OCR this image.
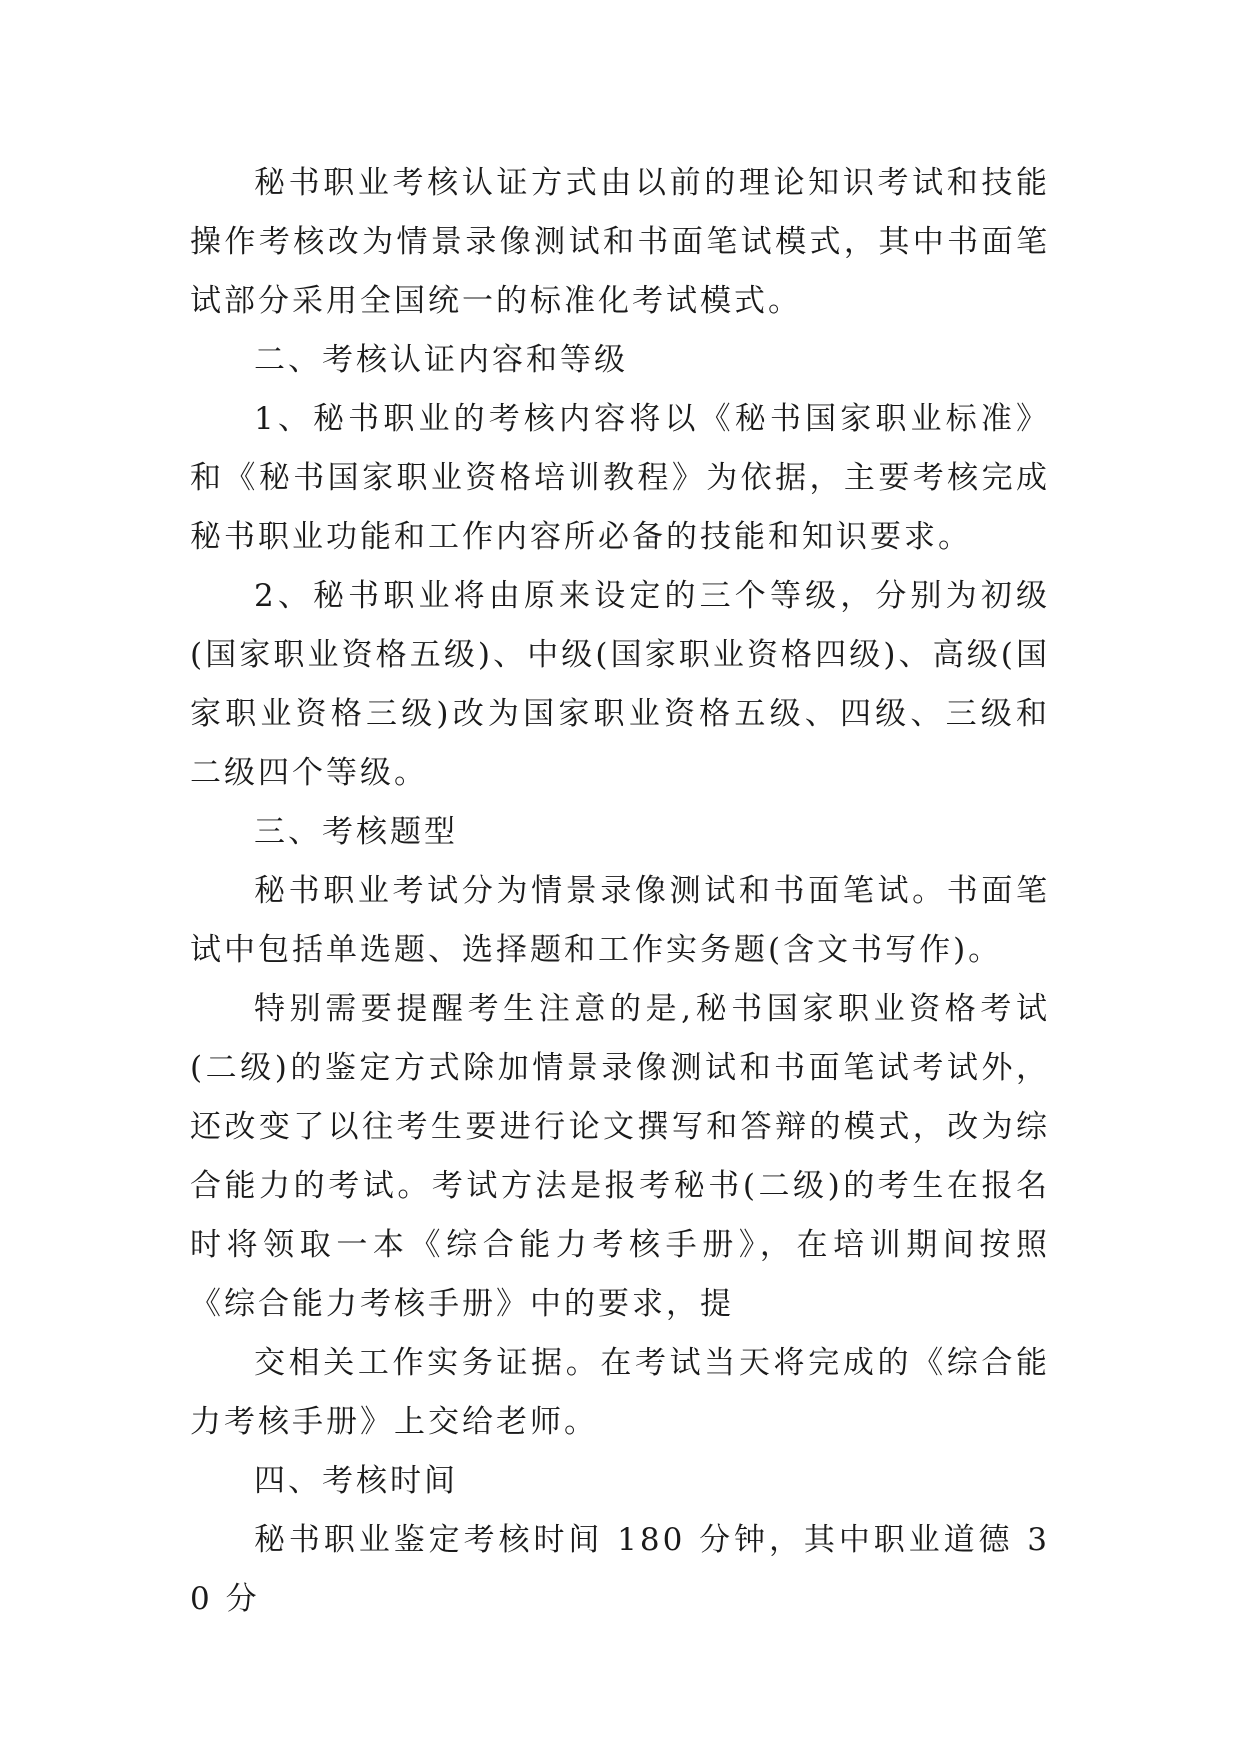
秘书职业考核认证方式由以前的理论知识考试和技能操作考核改为情景录像测试和书面笔试模式，其中书面笔试部分采用全国统一的标准化考试模式。

二、考核认证内容和等级

1、秘书职业的考核内容将以《秘书国家职业标准》和《秘书国家职业资格培训教程》为依据，主要考核完成秘书职业功能和工作内容所必备的技能和知识要求。

2、秘书职业将由原来设定的三个等级，分别为初级(国家职业资格五级)、中级(国家职业资格四级)、高级(国家职业资格三级)改为国家职业资格五级、四级、三级和二级四个等级。

三、考核题型

秘书职业考试分为情景录像测试和书面笔试。书面笔试中包括单选题、选择题和工作实务题(含文书写作)。

特别需要提醒考生注意的是,秘书国家职业资格考试(二级)的鉴定方式除加情景录像测试和书面笔试考试外，还改变了以往考生要进行论文撰写和答辩的模式，改为综合能力的考试。考试方法是报考秘书(二级)的考生在报名时将领取一本《综合能力考核手册》，在培训期间按照《综合能力考核手册》中的要求，提

交相关工作实务证据。在考试当天将完成的《综合能力考核手册》上交给老师。

四、考核时间

秘书职业鉴定考核时间 180 分钟，其中职业道德 30 分
